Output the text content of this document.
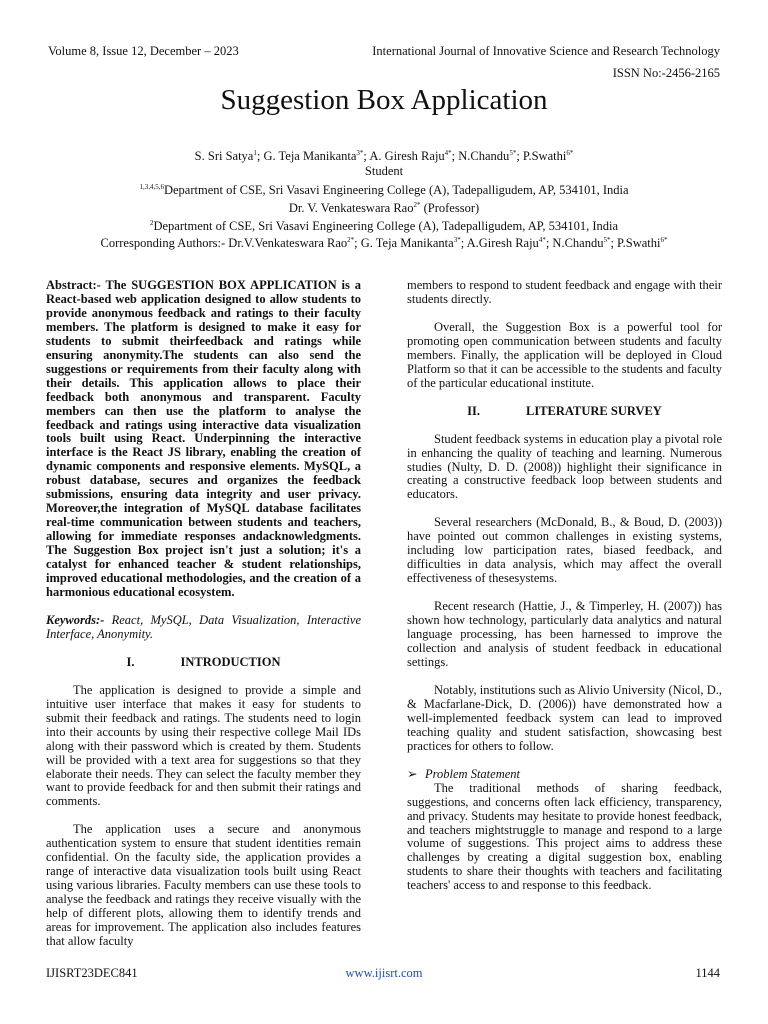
Volume 8, Issue 12, December – 2023	International Journal of Innovative Science and Research Technology
ISSN No:-2456-2165
Suggestion Box Application
S. Sri Satya$^1$; G. Teja Manikanta$^{3*}$; A. Giresh Raju$^{4*}$; N.Chandu$^{5*}$; P.Swathi$^{6*}$
Student
$^{1,3,4,5,6}$Department of CSE, Sri Vasavi Engineering College (A), Tadepalligudem, AP, 534101, India
Dr. V. Venkateswara Rao$^{2*}$ (Professor)
$^2$Department of CSE, Sri Vasavi Engineering College (A), Tadepalligudem, AP, 534101, India
Corresponding Authors:- Dr.V.Venkateswara Rao$^{2*}$; G. Teja Manikanta$^{3*}$; A.Giresh Raju$^{4*}$; N.Chandu$^{5*}$; P.Swathi$^{6*}$

Abstract:- The SUGGESTION BOX APPLICATION is a React-based web application designed to allow students to provide anonymous feedback and ratings to their faculty members. The platform is designed to make it easy for students to submit theirfeedback and ratings while ensuring anonymity.The students can also send the suggestions or requirements from their faculty along with their details. This application allows to place their feedback both anonymous and transparent. Faculty members can then use the platform to analyse the feedback and ratings using interactive data visualization tools built using React. Underpinning the interactive interface is the React JS library, enabling the creation of dynamic components and responsive elements. MySQL, a robust database, secures and organizes the feedback submissions, ensuring data integrity and user privacy. Moreover,the integration of MySQL database facilitates real-time communication between students and teachers, allowing for immediate responses andacknowledgments. The Suggestion Box project isn't just a solution; it's a catalyst for enhanced teacher & student relationships, improved educational methodologies, and the creation of a harmonious educational ecosystem.

Keywords:- React, MySQL, Data Visualization, Interactive Interface, Anonymity.

I.	INTRODUCTION

The application is designed to provide a simple and intuitive user interface that makes it easy for students to submit their feedback and ratings. The students need to login into their accounts by using their respective college Mail IDs along with their password which is created by them. Students will be provided with a text area for suggestions so that they elaborate their needs. They can select the faculty member they want to provide feedback for and then submit their ratings and comments.

The application uses a secure and anonymous authentication system to ensure that student identities remain confidential. On the faculty side, the application provides a range of interactive data visualization tools built using React using various libraries. Faculty members can use these tools to analyse the feedback and ratings they receive visually with the help of different plots, allowing them to identify trends and areas for improvement. The application also includes features that allow faculty

members to respond to student feedback and engage with their students directly.

Overall, the Suggestion Box is a powerful tool for promoting open communication between students and faculty members. Finally, the application will be deployed in Cloud Platform so that it can be accessible to the students and faculty of the particular educational institute.

II.	LITERATURE SURVEY

Student feedback systems in education play a pivotal role in enhancing the quality of teaching and learning. Numerous studies (Nulty, D. D. (2008)) highlight their significance in creating a constructive feedback loop between students and educators.

Several researchers (McDonald, B., & Boud, D. (2003)) have pointed out common challenges in existing systems, including low participation rates, biased feedback, and difficulties in data analysis, which may affect the overall effectiveness of thesesystems.

Recent research (Hattie, J., & Timperley, H. (2007)) has shown how technology, particularly data analytics and natural language processing, has been harnessed to improve the collection and analysis of student feedback in educational settings.

Notably, institutions such as Alivio University (Nicol, D., & Macfarlane-Dick, D. (2006)) have demonstrated how a well-implemented feedback system can lead to improved teaching quality and student satisfaction, showcasing best practices for others to follow.

➢ Problem Statement

The traditional methods of sharing feedback, suggestions, and concerns often lack efficiency, transparency, and privacy. Students may hesitate to provide honest feedback, and teachers mightstruggle to manage and respond to a large volume of suggestions. This project aims to address these challenges by creating a digital suggestion box, enabling students to share their thoughts with teachers and facilitating teachers' access to and response to this feedback.

IJISRT23DEC841	www.ijisrt.com	1144
